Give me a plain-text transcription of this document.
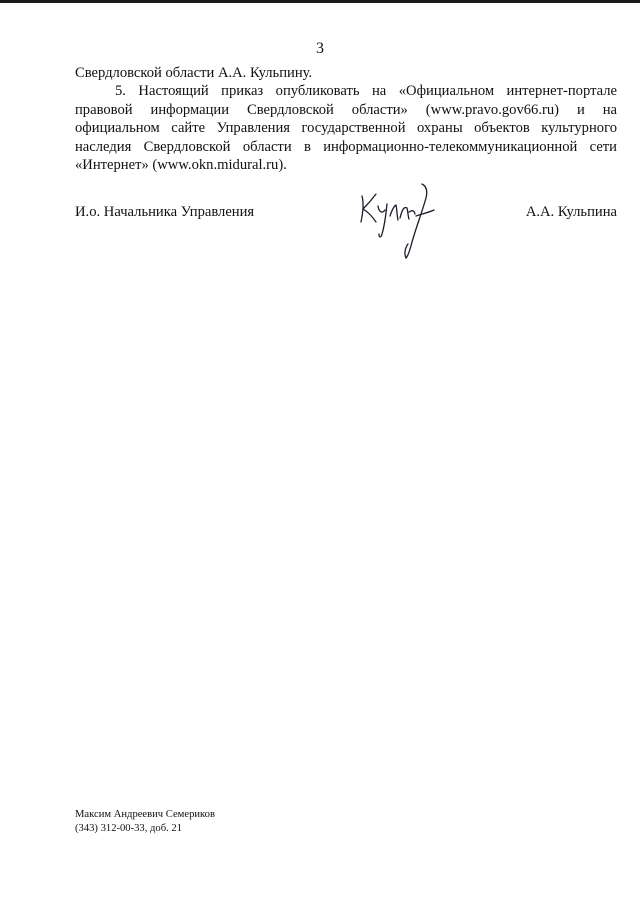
3

Свердловской области А.А. Кульпину.

5. Настоящий приказ опубликовать на «Официальном интернет-портале правовой информации Свердловской области» (www.pravo.gov66.ru) и на официальном сайте Управления государственной охраны объектов культурного наследия Свердловской области в информационно-телекоммуникационной сети «Интернет» (www.okn.midural.ru).

И.о. Начальника Управления	А.А. Кульпина
Максим Андреевич Семериков
(343) 312-00-33, доб. 21
